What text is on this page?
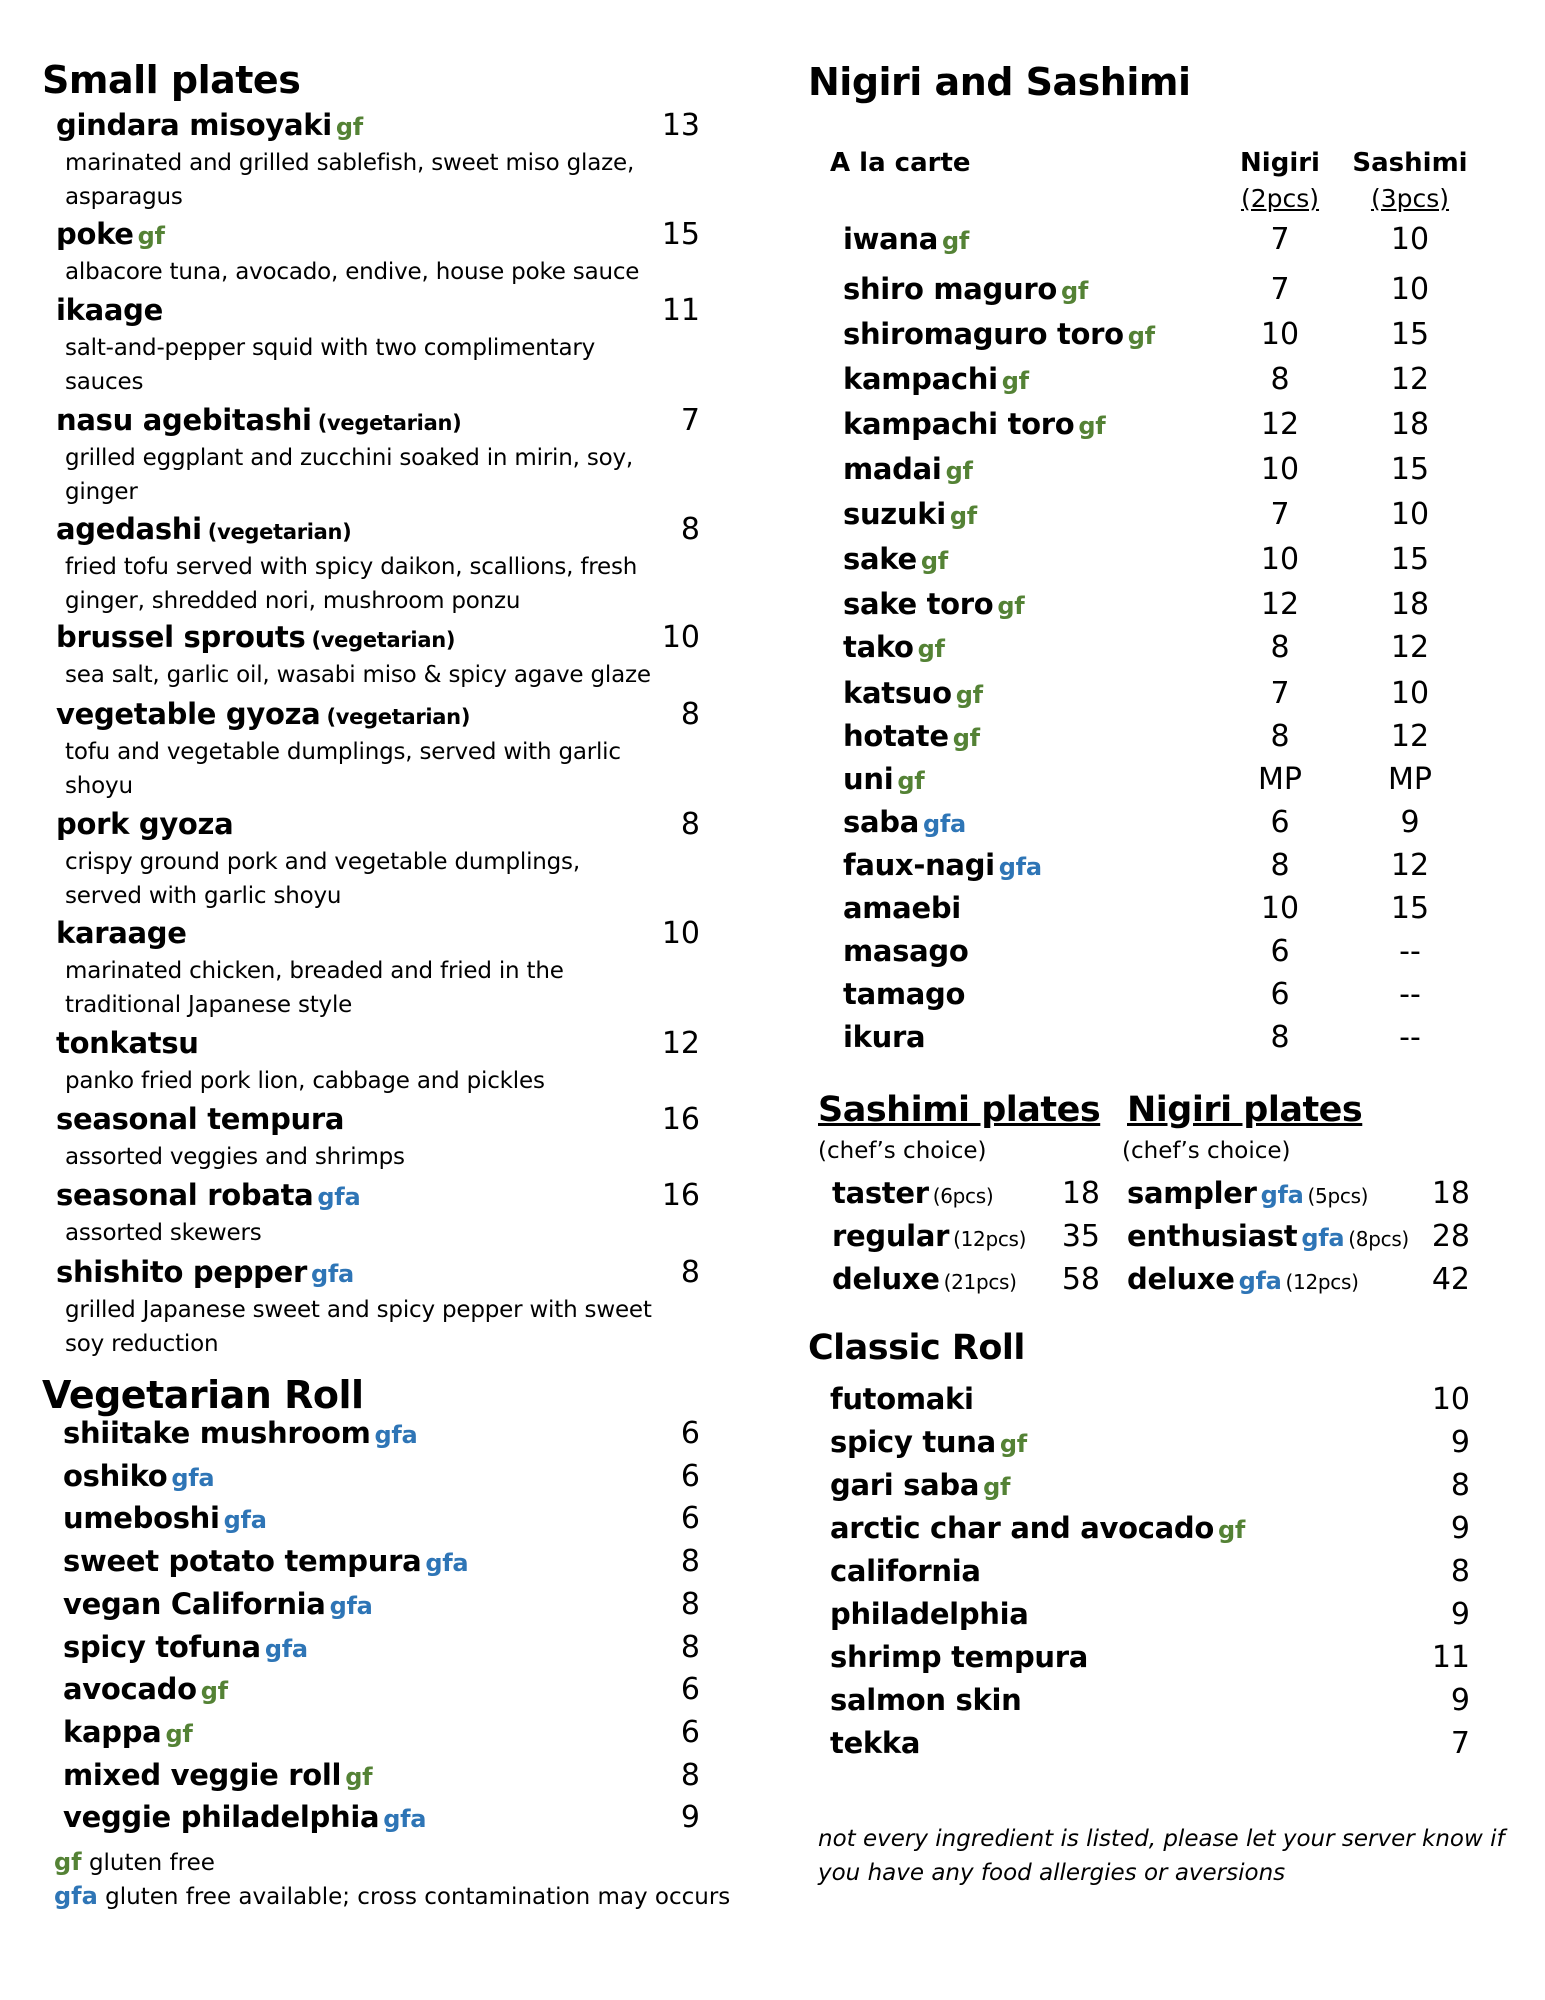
Small plates
gindara misoyaki gf	13
marinated and grilled sablefish, sweet miso glaze,
asparagus
poke gf	15
albacore tuna, avocado, endive, house poke sauce
ikaage	11
salt-and-pepper squid with two complimentary
sauces
nasu agebitashi (vegetarian)	7
grilled eggplant and zucchini soaked in mirin, soy,
ginger
agedashi (vegetarian)	8
fried tofu served with spicy daikon, scallions, fresh
ginger, shredded nori, mushroom ponzu
brussel sprouts (vegetarian)	10
sea salt, garlic oil, wasabi miso & spicy agave glaze
vegetable gyoza (vegetarian)	8
tofu and vegetable dumplings, served with garlic
shoyu
pork gyoza	8
crispy ground pork and vegetable dumplings,
served with garlic shoyu
karaage	10
marinated chicken, breaded and fried in the
traditional Japanese style
tonkatsu	12
panko fried pork lion, cabbage and pickles
seasonal tempura	16
assorted veggies and shrimps
seasonal robata gfa	16
assorted skewers
shishito pepper gfa	8
grilled Japanese sweet and spicy pepper with sweet
soy reduction
Vegetarian Roll
shiitake mushroom gfa	6
oshiko gfa	6
umeboshi gfa	6
sweet potato tempura gfa	8
vegan California gfa	8
spicy tofuna gfa	8
avocado gf	6
kappa gf	6
mixed veggie roll gf	8
veggie philadelphia gfa	9
gf gluten free
gfa gluten free available; cross contamination may occurs
Nigiri and Sashimi
A la carte	Nigiri
(2pcs)
Sashimi
(3pcs)
iwana gf	7	10
shiro maguro gf	7	10
shiromaguro toro gf	10	15
kampachi gf	8	12
kampachi toro gf	12	18
madai gf	10	15
suzuki gf	7	10
sake gf	10	15
sake toro gf	12	18
tako gf	8	12
katsuo gf	7	10
hotate gf	8	12
uni gf	MP	MP
saba gfa	6	9
faux-nagi gfa	8	12
amaebi	10	15
masago	6	--
tamago	6	--
ikura	8	--
Sashimi plates
(chef’s choice)
Nigiri plates
(chef’s choice)
taster (6pcs)	18
regular (12pcs)	35
deluxe (21pcs)	58
sampler gfa (5pcs)	18
enthusiast gfa (8pcs) 28
deluxe gfa (12pcs)	42
Classic Roll
futomaki	10
spicy tuna gf	9
gari saba gf	8
arctic char and avocado gf	9
california	8
philadelphia	9
shrimp tempura	11
salmon skin	9
tekka	7
not every ingredient is listed, please let your server know if
you have any food allergies or aversions
